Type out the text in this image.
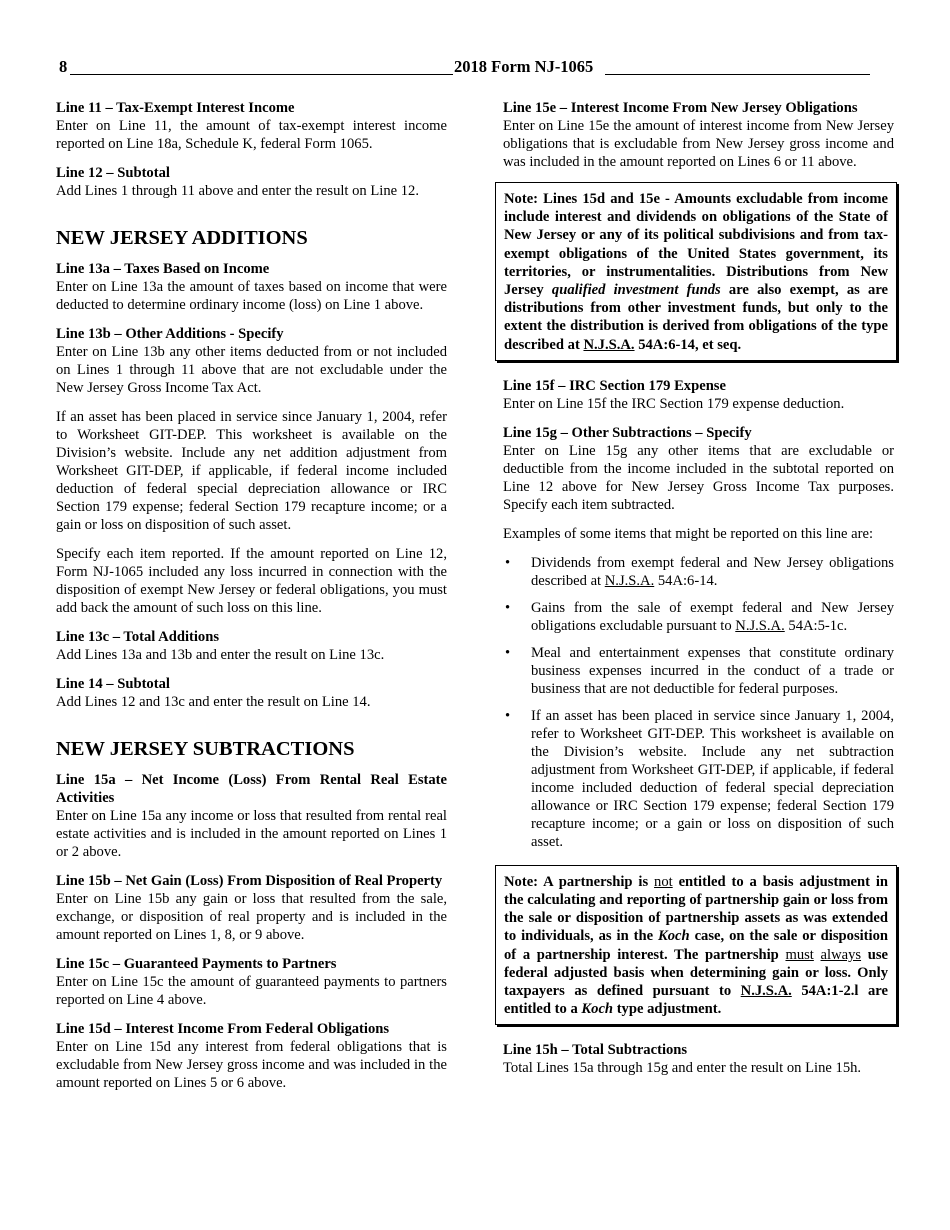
8	2018 Form NJ-1065
Line 11 – Tax-Exempt Interest Income

Enter on Line 11, the amount of tax-exempt interest income reported on Line 18a, Schedule K, federal Form 1065.

Line 12 – Subtotal

Add Lines 1 through 11 above and enter the result on Line 12.

NEW JERSEY ADDITIONS
Line 13a – Taxes Based on Income

Enter on Line 13a the amount of taxes based on income that were deducted to determine ordinary income (loss) on Line 1 above.

Line 13b – Other Additions - Specify

Enter on Line 13b any other items deducted from or not included on Lines 1 through 11 above that are not excludable under the New Jersey Gross Income Tax Act.

If an asset has been placed in service since January 1, 2004, refer to Worksheet GIT-DEP. This worksheet is available on the Division’s website. Include any net addition adjustment from Worksheet GIT-DEP, if applicable, if federal income included deduction of federal special depreciation allowance or IRC Section 179 expense; federal Section 179 recapture income; or a gain or loss on disposition of such asset.

Specify each item reported. If the amount reported on Line 12, Form NJ-1065 included any loss incurred in connection with the disposition of exempt New Jersey or federal obligations, you must add back the amount of such loss on this line.

Line 13c – Total Additions

Add Lines 13a and 13b and enter the result on Line 13c.

Line 14 – Subtotal

Add Lines 12 and 13c and enter the result on Line 14.

NEW JERSEY SUBTRACTIONS
Line 15a – Net Income (Loss) From Rental Real Estate Activities

Enter on Line 15a any income or loss that resulted from rental real estate activities and is included in the amount reported on Lines 1 or 2 above.

Line 15b – Net Gain (Loss) From Disposition of Real Property

Enter on Line 15b any gain or loss that resulted from the sale, exchange, or disposition of real property and is included in the amount reported on Lines 1, 8, or 9 above.

Line 15c – Guaranteed Payments to Partners

Enter on Line 15c the amount of guaranteed payments to partners reported on Line 4 above.

Line 15d – Interest Income From Federal Obligations

Enter on Line 15d any interest from federal obligations that is excludable from New Jersey gross income and was included in the amount reported on Lines 5 or 6 above.

Line 15e – Interest Income From New Jersey Obligations

Enter on Line 15e the amount of interest income from New Jersey obligations that is excludable from New Jersey gross income and was included in the amount reported on Lines 6 or 11 above.

Note: Lines 15d and 15e - Amounts excludable from income include interest and dividends on obligations of the State of New Jersey or any of its political subdivisions and from tax-exempt obligations of the United States government, its territories, or instrumentalities. Distributions from New Jersey qualified investment funds are also exempt, as are distributions from other investment funds, but only to the extent the distribution is derived from obligations of the type described at N.J.S.A. 54A:6-14, et seq.

Line 15f – IRC Section 179 Expense

Enter on Line 15f the IRC Section 179 expense deduction.

Line 15g – Other Subtractions – Specify

Enter on Line 15g any other items that are excludable or deductible from the income included in the subtotal reported on Line 12 above for New Jersey Gross Income Tax purposes. Specify each item subtracted.

Examples of some items that might be reported on this line are:

• Dividends from exempt federal and New Jersey obligations described at N.J.S.A. 54A:6-14.
• Gains from the sale of exempt federal and New Jersey obligations excludable pursuant to N.J.S.A. 54A:5-1c.
• Meal and entertainment expenses that constitute ordinary business expenses incurred in the conduct of a trade or business that are not deductible for federal purposes.
• If an asset has been placed in service since January 1, 2004, refer to Worksheet GIT-DEP. This worksheet is available on the Division’s website. Include any net subtraction adjustment from Worksheet GIT-DEP, if applicable, if federal income included deduction of federal special depreciation allowance or IRC Section 179 expense; federal Section 179 recapture income; or a gain or loss on disposition of such asset.

Note: A partnership is not entitled to a basis adjustment in the calculating and reporting of partnership gain or loss from the sale or disposition of partnership assets as was extended to individuals, as in the Koch case, on the sale or disposition of a partnership interest. The partnership must always use federal adjusted basis when determining gain or loss. Only taxpayers as defined pursuant to N.J.S.A. 54A:1-2.l are entitled to a Koch type adjustment.

Line 15h – Total Subtractions

Total Lines 15a through 15g and enter the result on Line 15h.
